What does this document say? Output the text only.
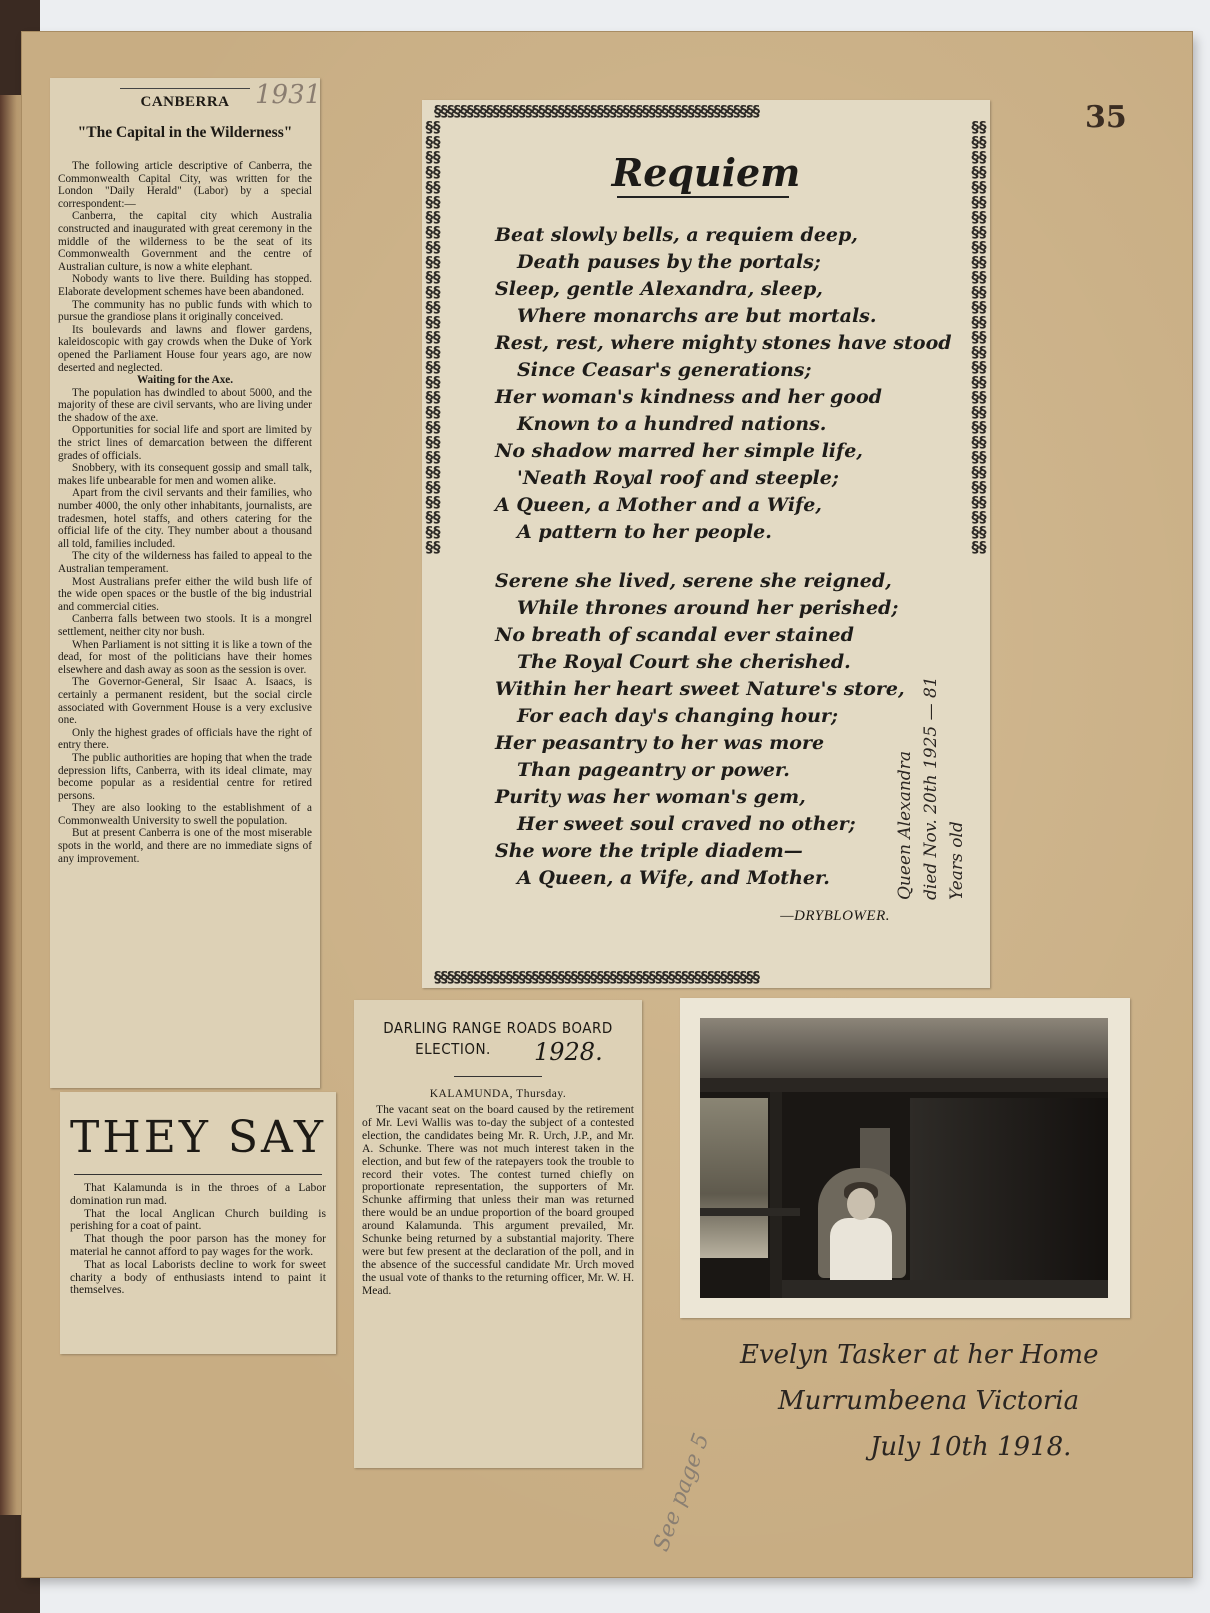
35
CANBERRA 1931
"The Capital in the Wilderness"

The following article descriptive of Canberra, the Commonwealth Capital City, was written for the London "Daily Herald" (Labor) by a special correspondent:—

Canberra, the capital city which Australia constructed and inaugurated with great ceremony in the middle of the wilderness to be the seat of its Commonwealth Government and the centre of Australian culture, is now a white elephant.

Nobody wants to live there. Building has stopped. Elaborate development schemes have been abandoned.

The community has no public funds with which to pursue the grandiose plans it originally conceived.

Its boulevards and lawns and flower gardens, kaleidoscopic with gay crowds when the Duke of York opened the Parliament House four years ago, are now deserted and neglected.

Waiting for the Axe.

The population has dwindled to about 5000, and the majority of these are civil servants, who are living under the shadow of the axe.

Opportunities for social life and sport are limited by the strict lines of demarcation between the different grades of officials.

Snobbery, with its consequent gossip and small talk, makes life unbearable for men and women alike.

Apart from the civil servants and their families, who number 4000, the only other inhabitants, journalists, are tradesmen, hotel staffs, and others catering for the official life of the city. They number about a thousand all told, families included.

The city of the wilderness has failed to appeal to the Australian temperament.

Most Australians prefer either the wild bush life of the wide open spaces or the bustle of the big industrial and commercial cities.

Canberra falls between two stools. It is a mongrel settlement, neither city nor bush.

When Parliament is not sitting it is like a town of the dead, for most of the politicians have their homes elsewhere and dash away as soon as the session is over.

The Governor-General, Sir Isaac A. Isaacs, is certainly a permanent resident, but the social circle associated with Government House is a very exclusive one.

Only the highest grades of officials have the right of entry there.

The public authorities are hoping that when the trade depression lifts, Canberra, with its ideal climate, may become popular as a residential centre for retired persons.

They are also looking to the establishment of a Commonwealth University to swell the population.

But at present Canberra is one of the most miserable spots in the world, and there are no immediate signs of any improvement.

§§§§§§§§§§§§§§§§§§§§§§§§§§§§§§§§§§§§§§§§§§§§§§§§§§
§§§§§§§§§§§§§§§§§§§§§§§§§§§§§§§§§§§§§§§§§§§§§§§§§§
§§§§§§§§§§§§§§§§§§§§§§§§§§§§§§§§§§§§§§§§§§§§§§§§§§§§§§§§§§
§§§§§§§§§§§§§§§§§§§§§§§§§§§§§§§§§§§§§§§§§§§§§§§§§§§§§§§§§§
Requiem
Beat slowly bells, a requiem deep,
Death pauses by the portals;
Sleep, gentle Alexandra, sleep,
Where monarchs are but mortals.
Rest, rest, where mighty stones have stood
Since Ceasar's generations;
Her woman's kindness and her good
Known to a hundred nations.
No shadow marred her simple life,
'Neath Royal roof and steeple;
A Queen, a Mother and a Wife,
A pattern to her people.
Serene she lived, serene she reigned,
While thrones around her perished;
No breath of scandal ever stained
The Royal Court she cherished.
Within her heart sweet Nature's store,
For each day's changing hour;
Her peasantry to her was more
Than pageantry or power.
Purity was her woman's gem,
Her sweet soul craved no other;
She wore the triple diadem—
A Queen, a Wife, and Mother.
—DRYBLOWER.
Queen Alexandra died Nov. 20th 1925 — 81 Years old
THEY SAY

That Kalamunda is in the throes of a Labor domination run mad.

That the local Anglican Church building is perishing for a coat of paint.

That though the poor parson has the money for material he cannot afford to pay wages for the work.

That as local Laborists decline to work for sweet charity a body of enthusiasts intend to paint it themselves.

DARLING RANGE ROADS BOARD
ELECTION.	1928.
KALAMUNDA, Thursday.

The vacant seat on the board caused by the retirement of Mr. Levi Wallis was to-day the subject of a contested election, the candidates being Mr. R. Urch, J.P., and Mr. A. Schunke. There was not much interest taken in the election, and but few of the ratepayers took the trouble to record their votes. The contest turned chiefly on proportionate representation, the supporters of Mr. Schunke affirming that unless their man was returned there would be an undue proportion of the board grouped around Kalamunda. This argument prevailed, Mr. Schunke being returned by a substantial majority. There were but few present at the declaration of the poll, and in the absence of the successful candidate Mr. Urch moved the usual vote of thanks to the returning officer, Mr. W. H. Mead.

Evelyn Tasker at her Home
Murrumbeena Victoria
July 10th 1918.
See page 5
